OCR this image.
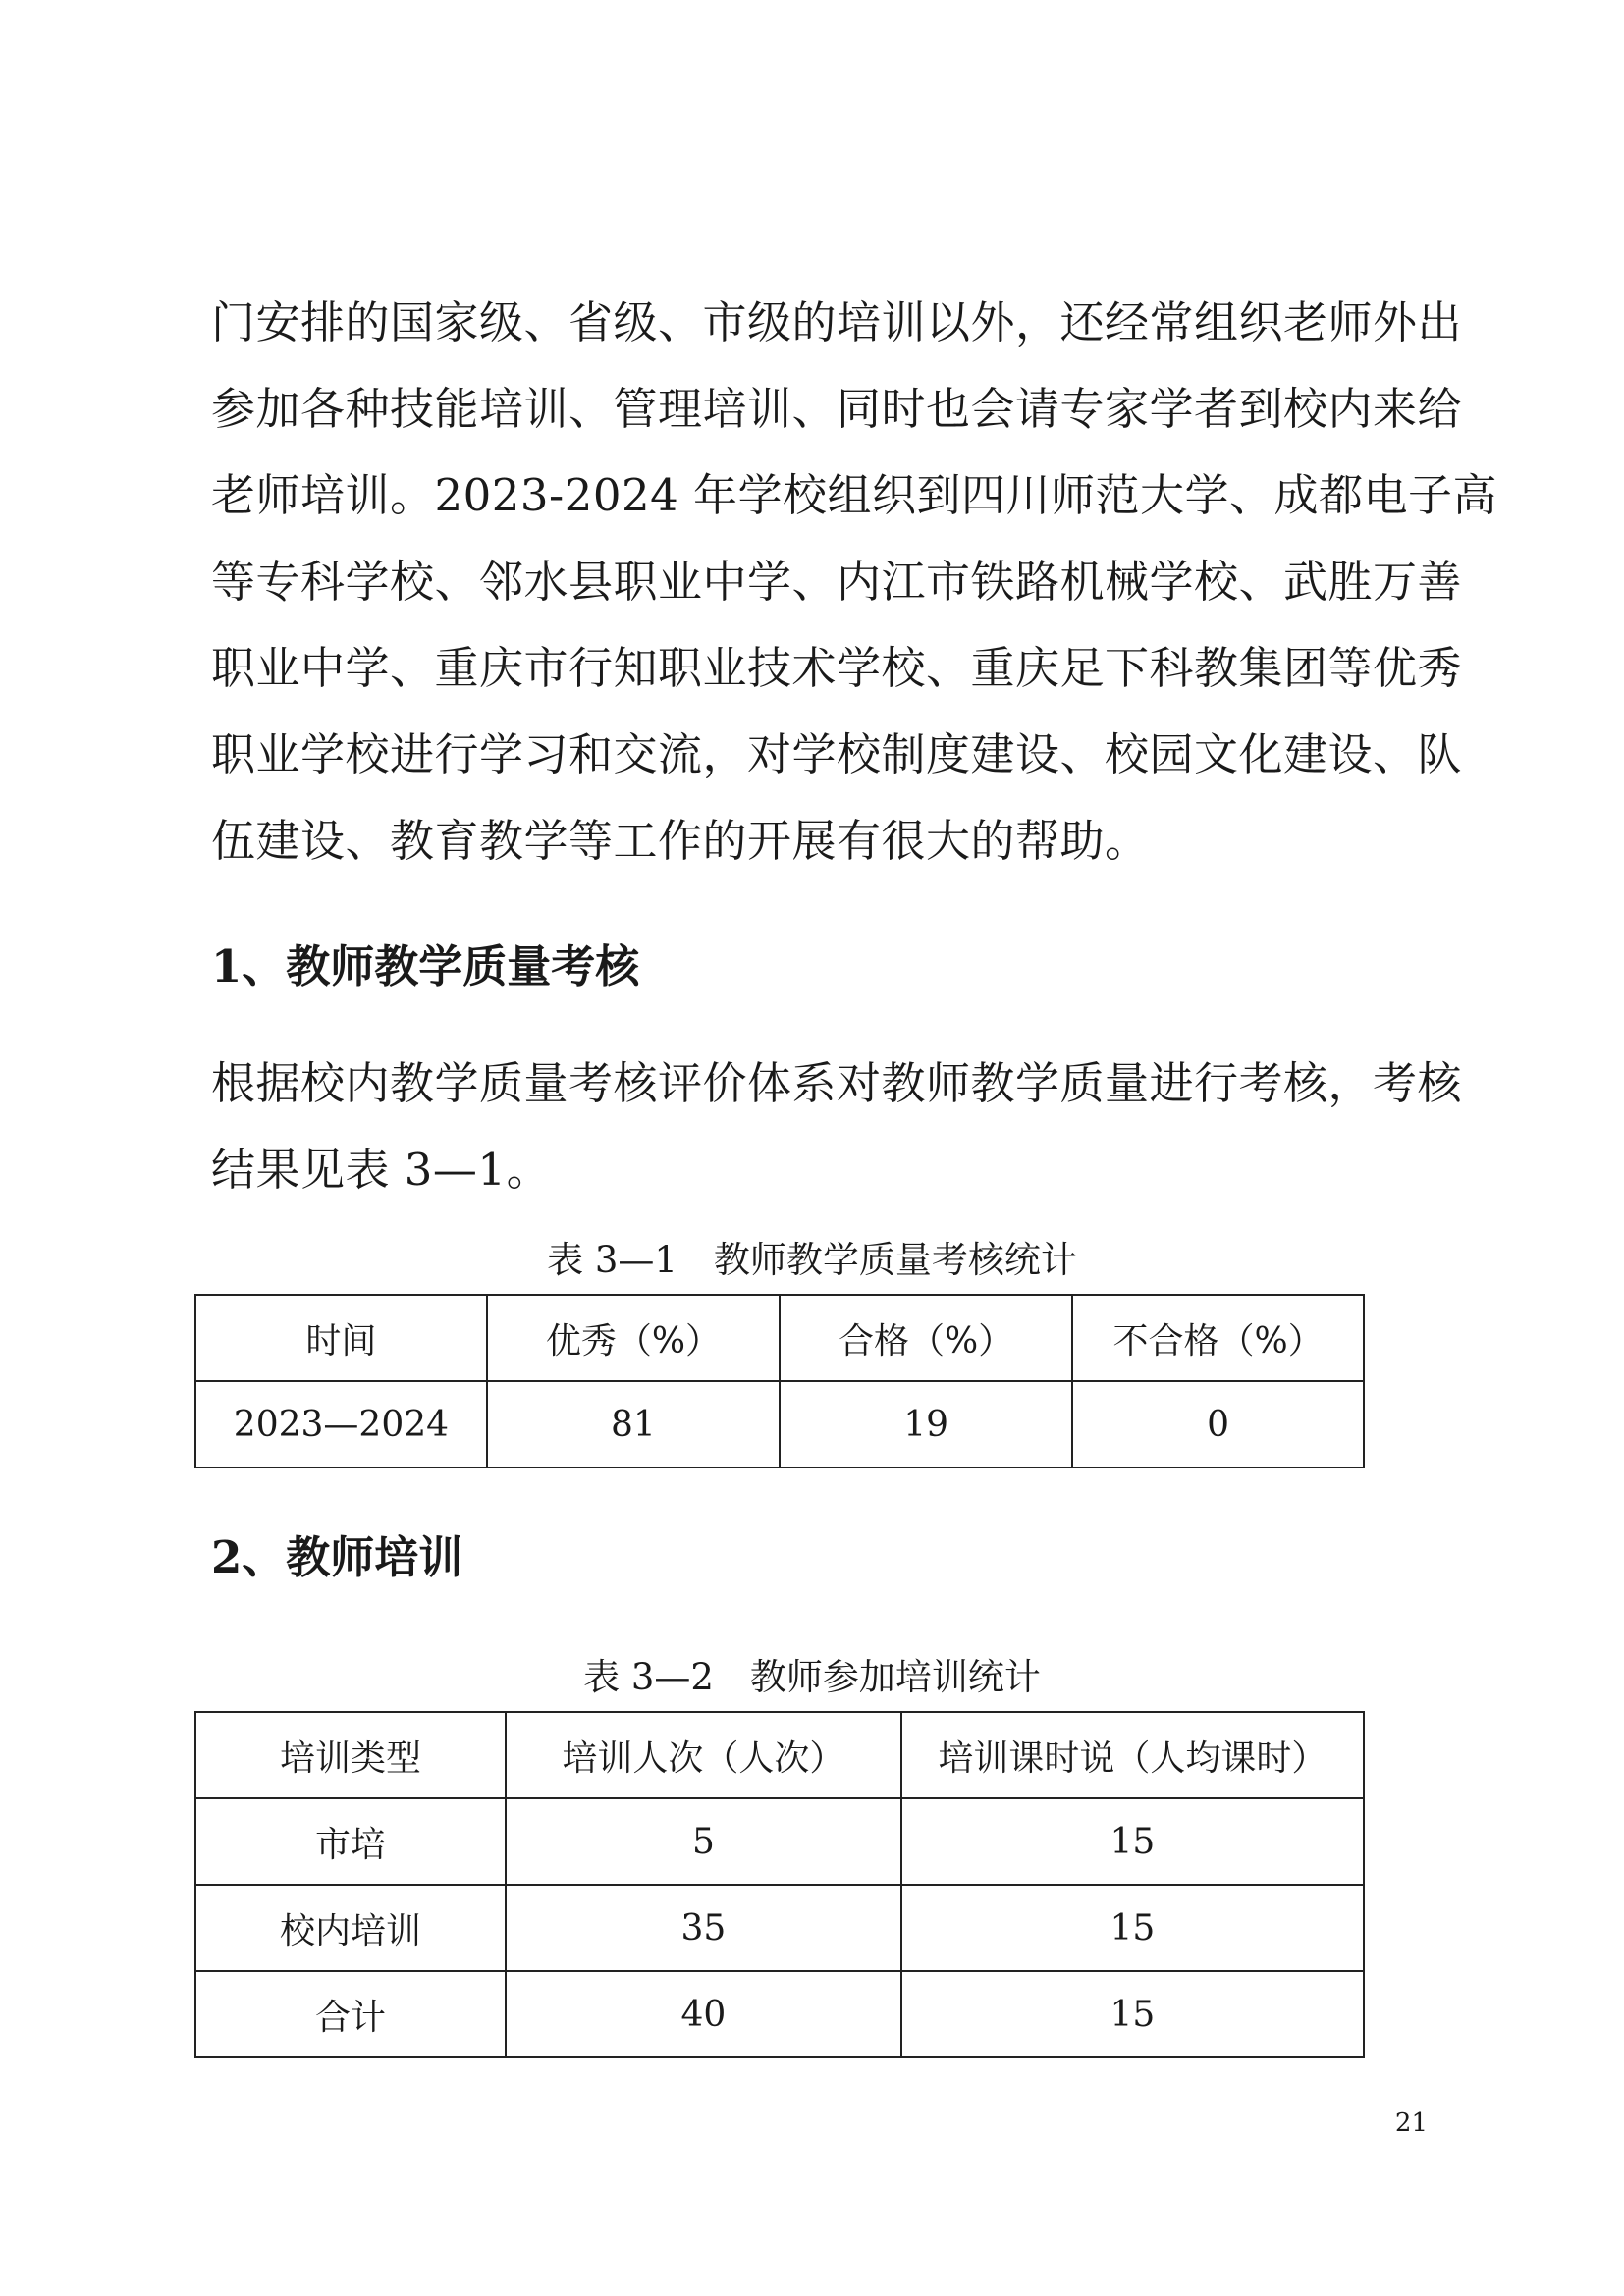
门安排的国家级、省级、市级的培训以外，还经常组织老师外出
参加各种技能培训、管理培训、同时也会请专家学者到校内来给
老师培训。2023-2024 年学校组织到四川师范大学、成都电子高
等专科学校、邻水县职业中学、内江市铁路机械学校、武胜万善
职业中学、重庆市行知职业技术学校、重庆足下科教集团等优秀
职业学校进行学习和交流，对学校制度建设、校园文化建设、队
伍建设、教育教学等工作的开展有很大的帮助。
1、教师教学质量考核
根据校内教学质量考核评价体系对教师教学质量进行考核，考核
结果见表 3—1。
表 3—1　教师教学质量考核统计
时间	优秀（%）	合格（%）	不合格（%）
2023—2024	81	19	0
2、教师培训
表 3—2　教师参加培训统计
培训类型	培训人次（人次）	培训课时说（人均课时）
市培	5	15
校内培训	35	15
合计	40	15
21
